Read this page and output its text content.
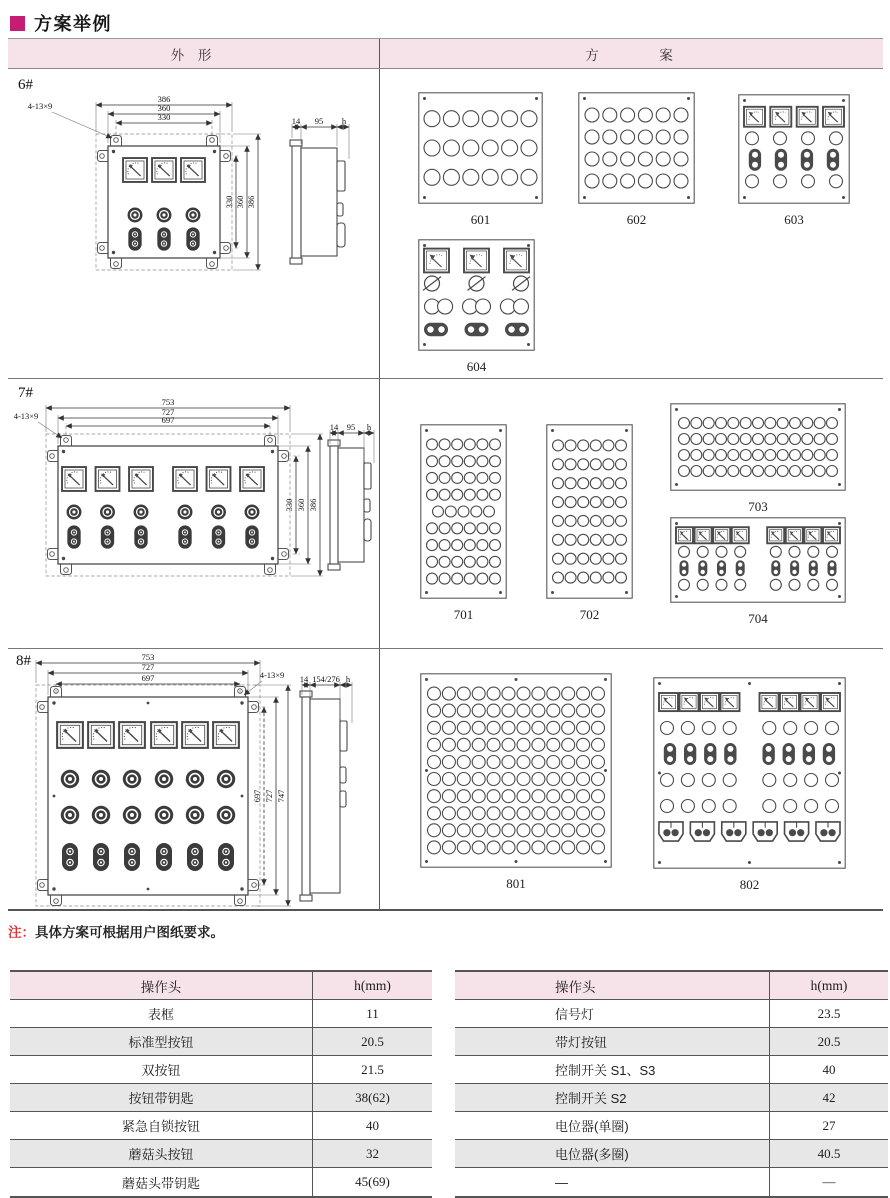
方案举例
外 形	方　　　案
6#
386
360
330
4-13×9
330 360 386
14 95 h
601	602	603
604
7#
753
727
697
4-13×9
330 360 386
14 95 h
701	702
703
704
8#	753
727
697	4-13×9
697 727 747
14 154/276 h
801	802
注：具体方案可根据用户图纸要求。
操作头	h(mm)
表框	11
标准型按钮	20.5
双按钮	21.5
按钮带钥匙	38(62)
紧急自锁按钮	40
蘑菇头按钮	32
蘑菇头带钥匙	45(69)
操作头	h(mm)
信号灯	23.5
带灯按钮	20.5
控制开关 S1、S3	40
控制开关 S2	42
电位器(单圈)	27
电位器(多圈)	40.5
—	—
